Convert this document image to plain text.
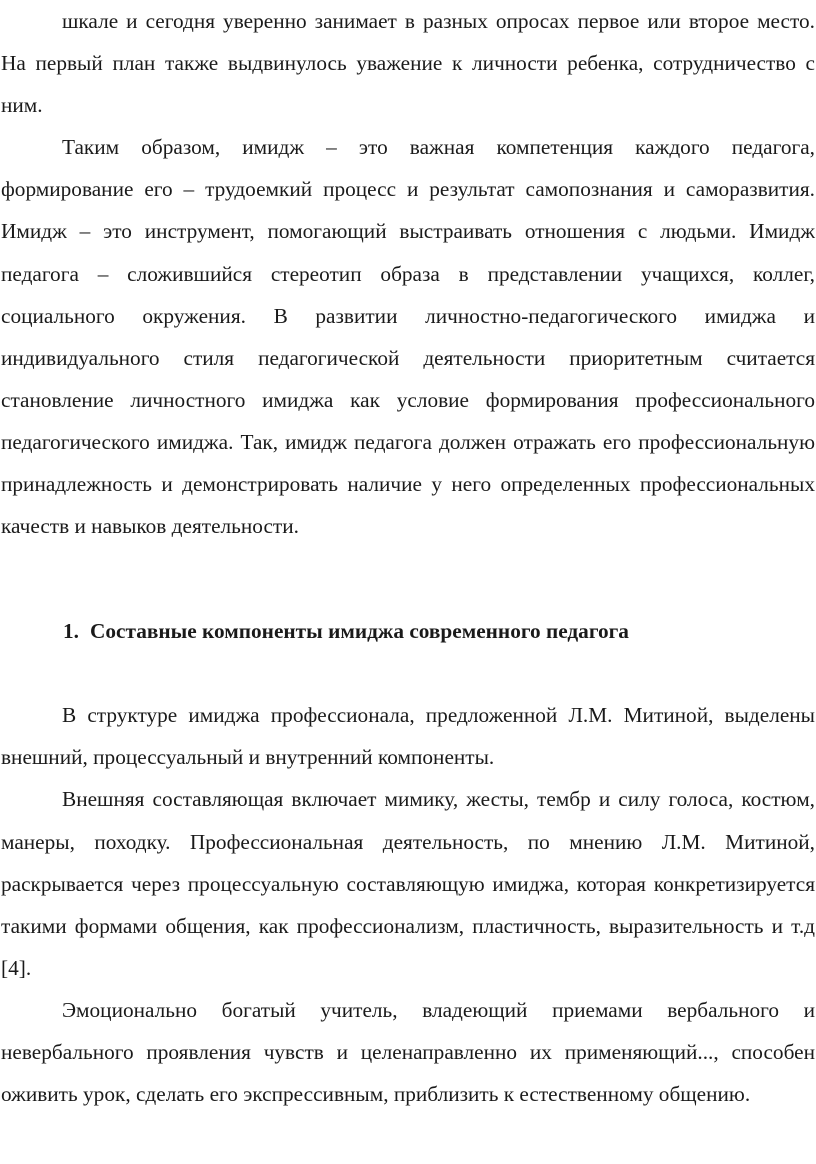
шкале и сегодня уверенно занимает в разных опросах первое или второе место. На первый план также выдвинулось уважение к личности ребенка, сотрудничество с ним.

Таким образом, имидж – это важная компетенция каждого педагога, формирование его – трудоемкий процесс и результат самопознания и саморазвития. Имидж – это инструмент, помогающий выстраивать отношения с людьми. Имидж педагога – сложившийся стереотип образа в представлении учащихся, коллег, социального окружения. В развитии личностно-педагогического имиджа и индивидуального стиля педагогической деятельности приоритетным считается становление личностного имиджа как условие формирования профессионального педагогического имиджа. Так, имидж педагога должен отражать его профессиональную принадлежность и демонстрировать наличие у него определенных профессиональных качеств и навыков деятельности.

1. Составные компоненты имиджа современного педагога

В структуре имиджа профессионала, предложенной Л.М. Митиной, выделены внешний, процессуальный и внутренний компоненты.

Внешняя составляющая включает мимику, жесты, тембр и силу голоса, костюм, манеры, походку. Профессиональная деятельность, по мнению Л.М. Митиной, раскрывается через процессуальную составляющую имиджа, которая конкретизируется такими формами общения, как профессионализм, пластичность, выразительность и т.д [4].

Эмоционально богатый учитель, владеющий приемами вербального и невербального проявления чувств и целенаправленно их применяющий..., способен оживить урок, сделать его экспрессивным, приблизить к естественному общению.
